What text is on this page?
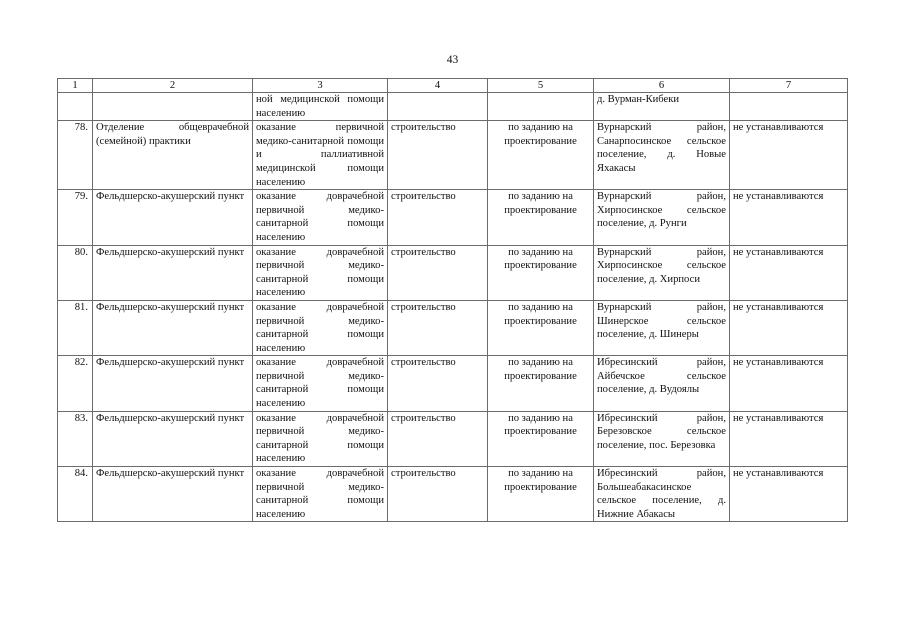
43
1	2	3	4	5	6	7
		ной медицинской помощи населению			д. Вурман-Кибеки	
78.	Отделение общеврачебной (семейной) практики	оказание первичной медико-санитарной помощи и паллиативной медицинской помощи населению	строительство	по заданию на проектирование	Вурнарский район, Санарпосинское сельское поселение, д. Новые Яхакасы	не устанавливаются
79.	Фельдшерско-акушерский пункт	оказание доврачебной первичной медико-санитарной помощи населению	строительство	по заданию на проектирование	Вурнарский район, Хирпосинское сельское поселение, д. Рунги	не устанавливаются
80.	Фельдшерско-акушерский пункт	оказание доврачебной первичной медико-санитарной помощи населению	строительство	по заданию на проектирование	Вурнарский район, Хирпосинское сельское поселение, д. Хирпоси	не устанавливаются
81.	Фельдшерско-акушерский пункт	оказание доврачебной первичной медико-санитарной помощи населению	строительство	по заданию на проектирование	Вурнарский район, Шинерское сельское поселение, д. Шинеры	не устанавливаются
82.	Фельдшерско-акушерский пункт	оказание доврачебной первичной медико-санитарной помощи населению	строительство	по заданию на проектирование	Ибресинский район, Айбечское сельское поселение, д. Вудоялы	не устанавливаются
83.	Фельдшерско-акушерский пункт	оказание доврачебной первичной медико-санитарной помощи населению	строительство	по заданию на проектирование	Ибресинский район, Березовское сельское поселение, пос. Березовка	не устанавливаются
84.	Фельдшерско-акушерский пункт	оказание доврачебной первичной медико-санитарной помощи населению	строительство	по заданию на проектирование	Ибресинский район, Большеабакасинское сельское поселение, д. Нижние Абакасы	не устанавливаются
